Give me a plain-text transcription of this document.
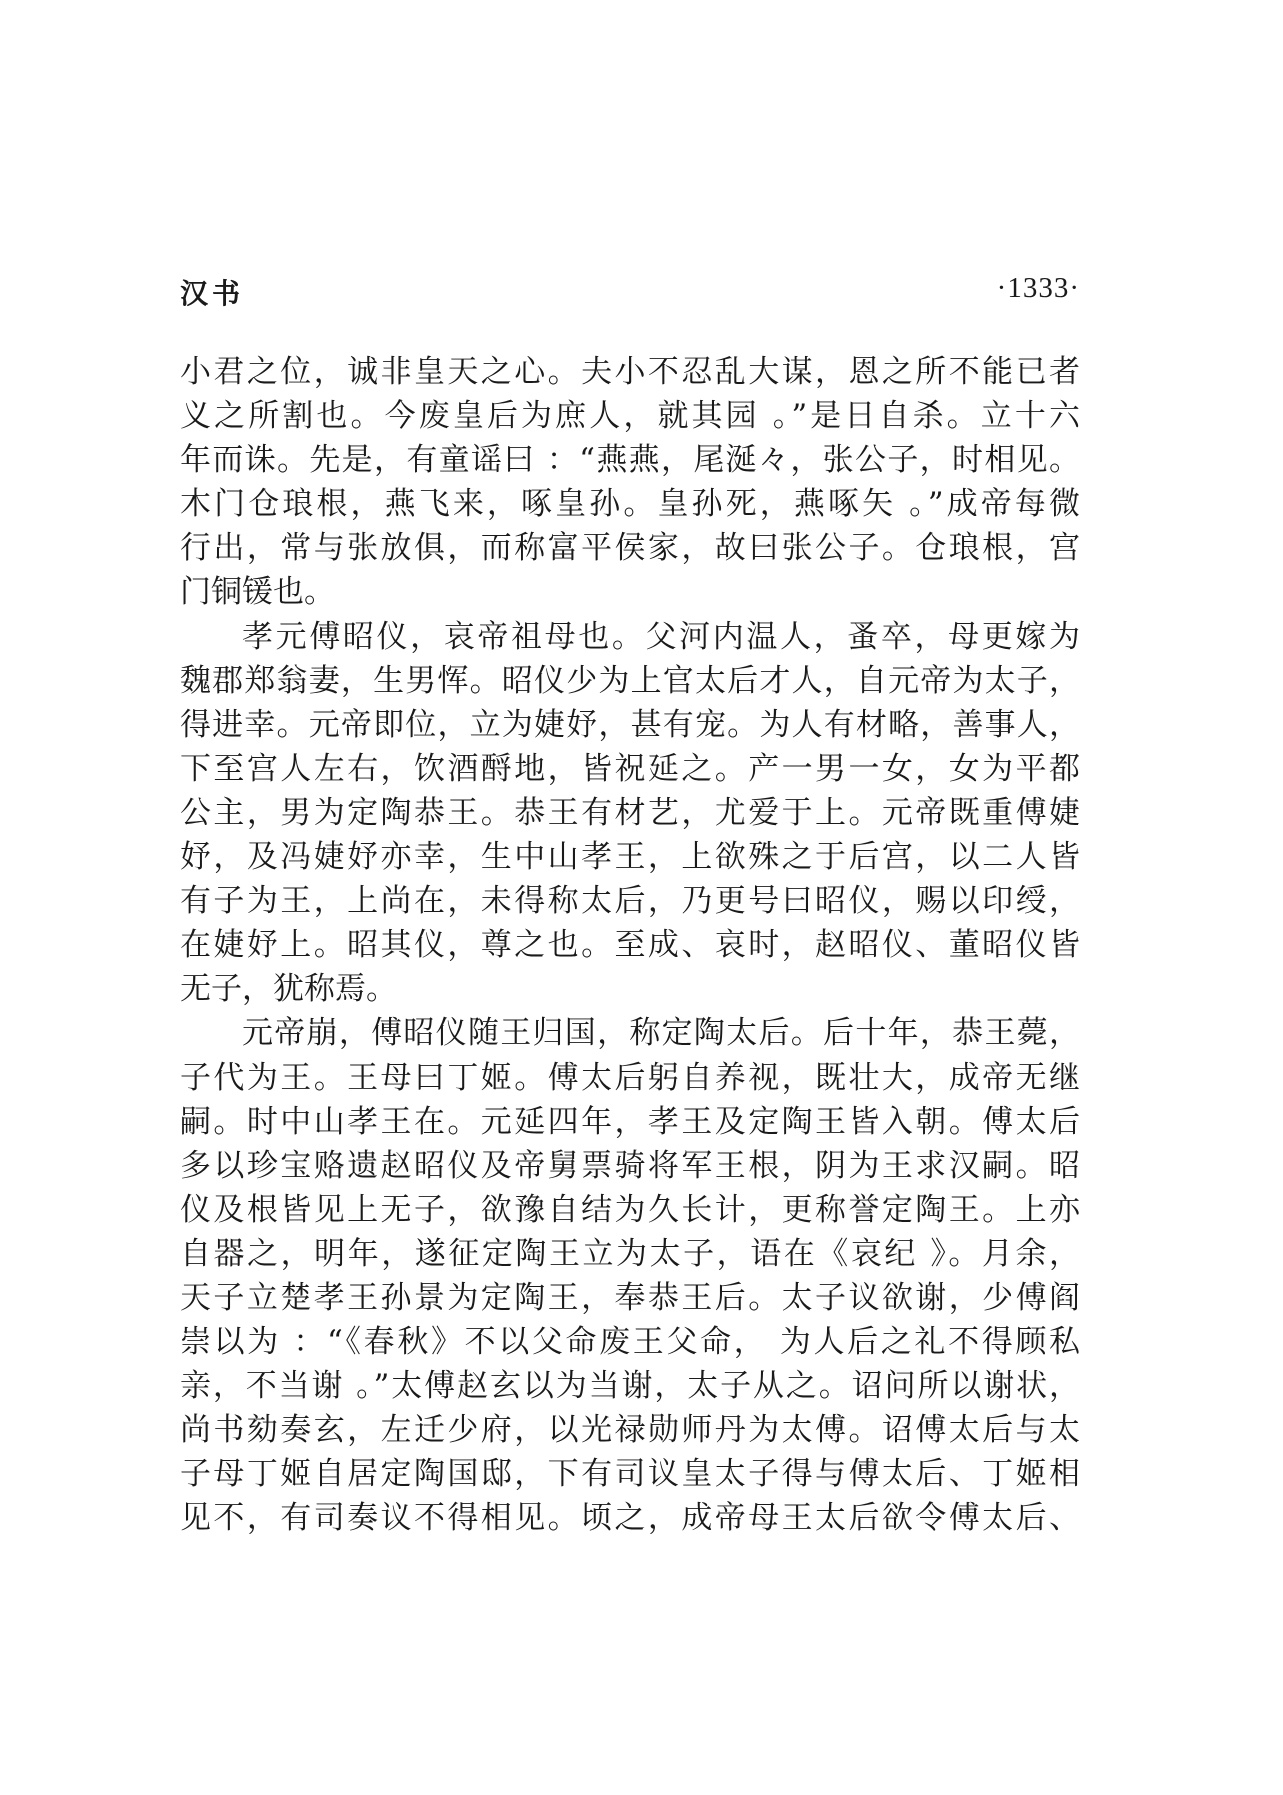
汉书	·1333·
小君之位，诚非皇天之心。夫小不忍乱大谋，恩之所不能已者
义之所割也。今废皇后为庶人，就其园 。”是日自杀。立十六
年而诛。先是，有童谣曰 ：“燕燕，尾涎々，张公子，时相见。
木门仓琅根，燕飞来，啄皇孙。皇孙死，燕啄矢 。”成帝每微
行出，常与张放俱，而称富平侯家，故曰张公子。仓琅根，宫
门铜锾也。
孝元傅昭仪，哀帝祖母也。父河内温人，蚤卒，母更嫁为
魏郡郑翁妻，生男恽。昭仪少为上官太后才人，自元帝为太子，
得进幸。元帝即位，立为婕妤，甚有宠。为人有材略，善事人，
下至宫人左右，饮酒酹地，皆祝延之。产一男一女，女为平都
公主，男为定陶恭王。恭王有材艺，尤爱于上。元帝既重傅婕
妤，及冯婕妤亦幸，生中山孝王，上欲殊之于后宫，以二人皆
有子为王，上尚在，未得称太后，乃更号曰昭仪，赐以印绶，
在婕妤上。昭其仪，尊之也。至成、哀时，赵昭仪、董昭仪皆
无子，犹称焉。
元帝崩，傅昭仪随王归国，称定陶太后。后十年，恭王薨，
子代为王。王母曰丁姬。傅太后躬自养视，既壮大，成帝无继
嗣。时中山孝王在。元延四年，孝王及定陶王皆入朝。傅太后
多以珍宝赂遗赵昭仪及帝舅票骑将军王根，阴为王求汉嗣。昭
仪及根皆见上无子，欲豫自结为久长计，更称誉定陶王。上亦
自器之，明年，遂征定陶王立为太子，语在《哀纪 》。月余，
天子立楚孝王孙景为定陶王，奉恭王后。太子议欲谢，少傅阎
崇以为 ：“《春秋》不以父命废王父命， 为人后之礼不得顾私
亲，不当谢 。”太傅赵玄以为当谢，太子从之。诏问所以谢状，
尚书劾奏玄，左迁少府，以光禄勋师丹为太傅。诏傅太后与太
子母丁姬自居定陶国邸，下有司议皇太子得与傅太后、丁姬相
见不，有司奏议不得相见。顷之，成帝母王太后欲令傅太后、
